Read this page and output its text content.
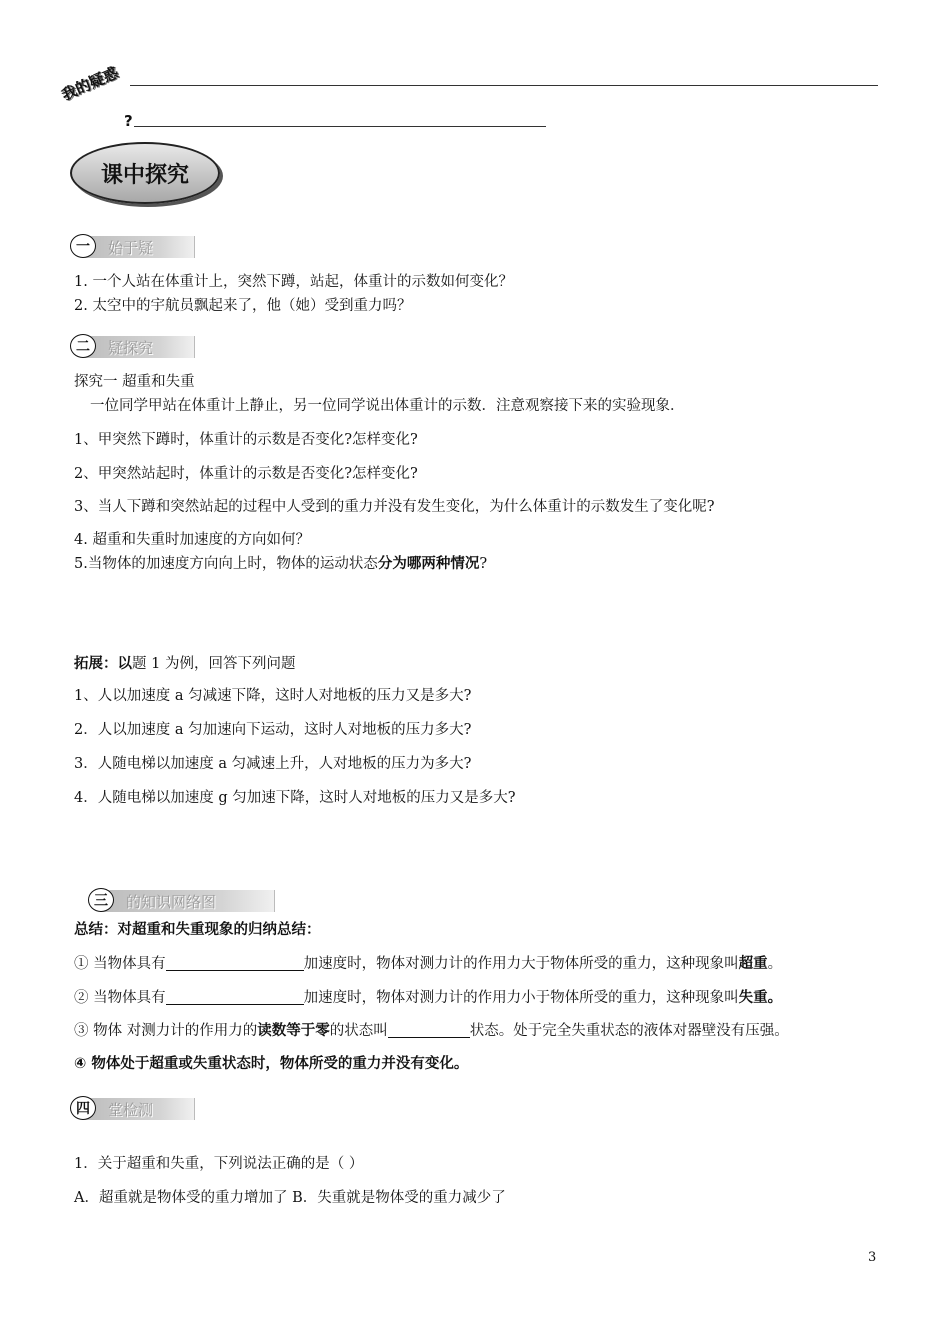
我的疑惑
?
课中探究
始于疑
一
1. 一个人站在体重计上，突然下蹲，站起，体重计的示数如何变化？
2. 太空中的宇航员飘起来了，他（她）受到重力吗？
疑探究
二
探究一 超重和失重
一位同学甲站在体重计上静止，另一位同学说出体重计的示数．注意观察接下来的实验现象．
1、甲突然下蹲时，体重计的示数是否变化?怎样变化?
2、甲突然站起时，体重计的示数是否变化?怎样变化?
3、当人下蹲和突然站起的过程中人受到的重力并没有发生变化，为什么体重计的示数发生了变化呢?
4. 超重和失重时加速度的方向如何？
5.当物体的加速度方向向上时，物体的运动状态分为哪两种情况?
拓展：以题 1 为例，回答下列问题
1、人以加速度 a 匀减速下降，这时人对地板的压力又是多大?
2．人以加速度 a 匀加速向下运动，这时人对地板的压力多大?
3．人随电梯以加速度 a 匀减速上升，人对地板的压力为多大?
4．人随电梯以加速度 g 匀加速下降，这时人对地板的压力又是多大?
的知识网络图
三
总结：对超重和失重现象的归纳总结：
① 当物体具有	加速度时，物体对测力计的作用力大于物体所受的重力，这种现象叫超重。
② 当物体具有	加速度时，物体对测力计的作用力小于物体所受的重力，这种现象叫失重。
③ 物体 对测力计的作用力的读数等于零的状态叫	状态。处于完全失重状态的液体对器壁没有压强。
④ 物体处于超重或失重状态时，物体所受的重力并没有变化。
堂检测
四
1．关于超重和失重，下列说法正确的是（ ）
A．超重就是物体受的重力增加了 B．失重就是物体受的重力减少了
3
